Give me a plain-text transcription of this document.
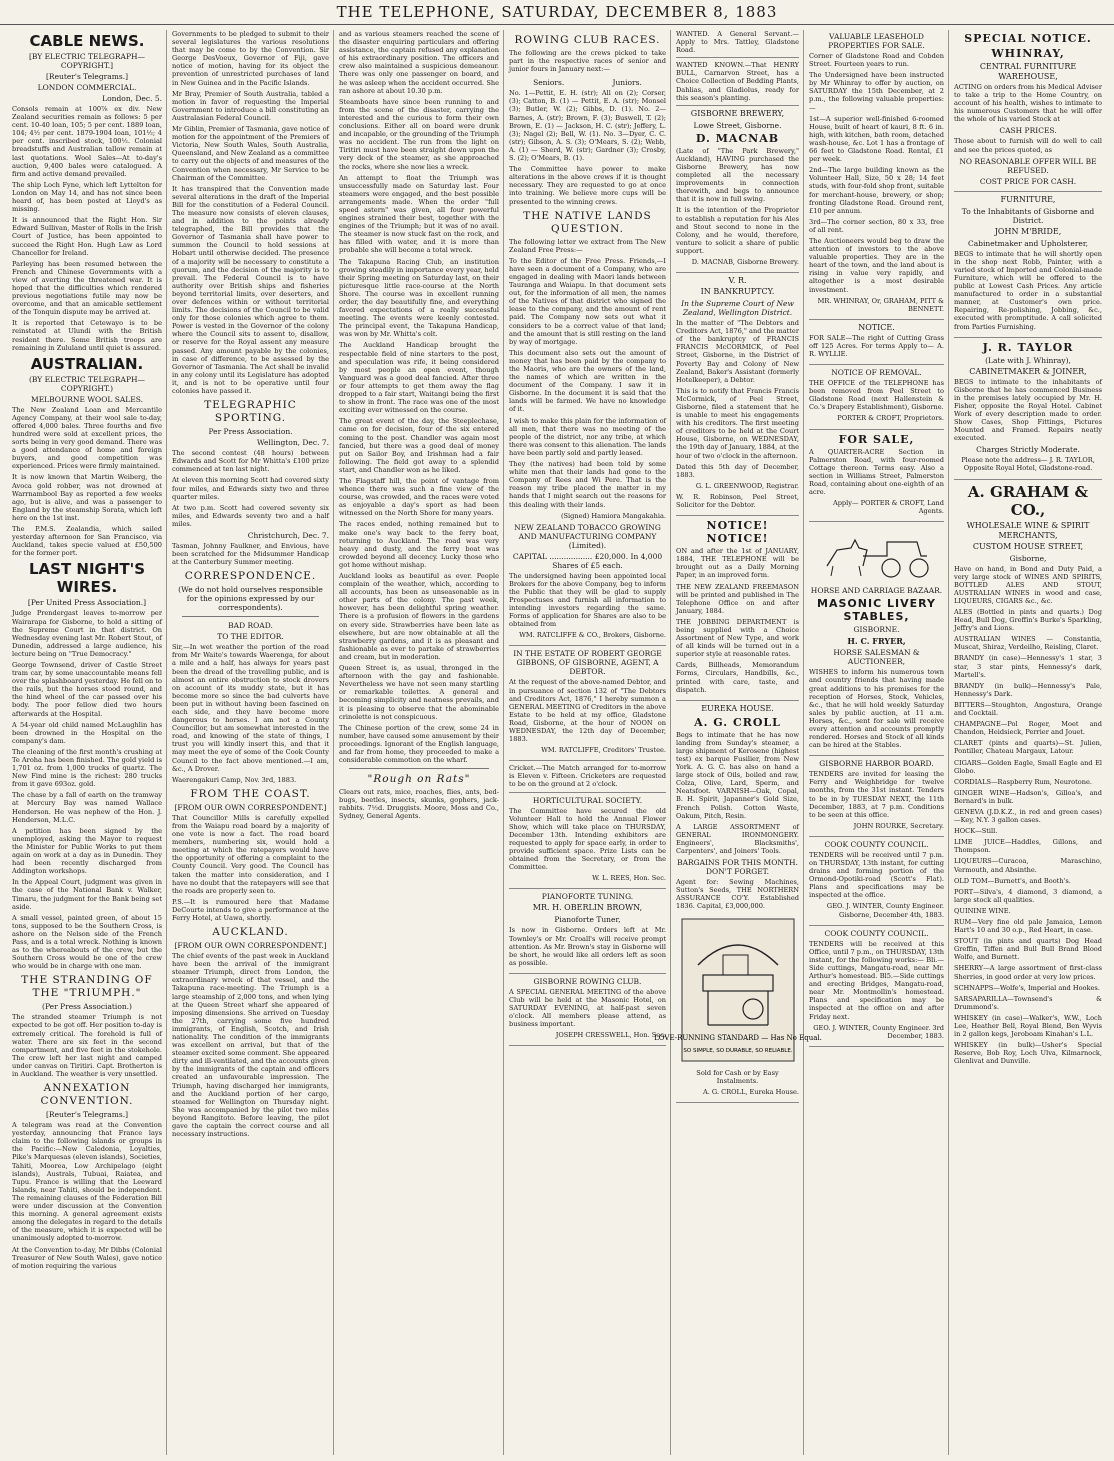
THE TELEPHONE, SATURDAY, DECEMBER 8, 1883
CABLE NEWS.
[BY ELECTRIC TELEGRAPH—COPYRIGHT.]
[Reuter's Telegrams.]
LONDON COMMERCIAL.
London, Dec. 5.

Consols remain at 100⅞ ex div. New Zealand securities remain as follows: 5 per cent. 10-40 loan, 105; 5 per cent. 1889 loan, 104; 4½ per cent. 1879-1904 loan, 101½; 4 per cent. inscribed stock, 100½. Colonial breadstuffs and Australian tallow remain at last quotations. Wool Sales—At to-day's auction, 9,400 bales were catalogued. A firm and active demand prevailed.

The ship Loch Fyne, which left Lyttelton for London on May 14, and has not since been heard of, has been posted at Lloyd's as missing.

It is announced that the Right Hon. Sir Edward Sullivan, Master of Rolls in the Irish Court of Justice, has been appointed to succeed the Right Hon. Hugh Law as Lord Chancellor for Ireland.

Parleying has been resumed between the French and Chinese Governments with a view of averting the threatened war. It is hoped that the difficulties which rendered previous negotiations futile may now be overcome, and that an amicable settlement of the Tonquin dispute may be arrived at.

It is reported that Cetewayo is to be reinstated at Ulundi with the British resident there. Some British troops are remaining in Zululand until quiet is assured.

AUSTRALIAN.
(BY ELECTRIC TELEGRAPH—COPYRIGHT.)
MELBOURNE WOOL SALES.

The New Zealand Loan and Mercantile Agency Company, at their wool sale to-day, offered 4,000 bales. Three fourths and five hundred were sold at excellent prices, the sorts being in very good demand. There was a good attendance of home and foreign buyers, and good competition was experienced. Prices were firmly maintained.

It is now known that Martin Weiberg, the Avoca gold robber, was not drowned at Warrnambool Bay as reported a few weeks ago, but is alive, and was a passenger to England by the steamship Sorata, which left here on the 1st inst.

The P.M.S. Zealandia, which sailed yesterday afternoon for San Francisco, via Auckland, takes specie valued at £50,500 for the former port.

LAST NIGHT'S WIRES.
[Per United Press Association.]

Judge Prendergast leaves to-morrow per Wairarapa for Gisborne, to hold a sitting of the Supreme Court in that district. On Wednesday evening last Mr. Robert Stout, of Dunedin, addressed a large audience, his lecture being on "True Democracy."

George Townsend, driver of Castle Street tram car, by some unaccountable means fell over the splashboard yesterday. He fell on to the rails, but the horses stood round, and the hind wheel of the car passed over his body. The poor fellow died two hours afterwards at the Hospital.

A 54-year old child named McLaughlin has been drowned in the Hospital on the company's dam.

The cleaning of the first month's crushing at Te Aroha has been finished. The gold yield is 1,701 oz. from 1,000 trucks of quartz. The New Find mine is the richest: 280 trucks from it gave 693oz. gold.

The chase by a fall of earth on the tramway at Mercury Bay was named Wallace Henderson. He was nephew of the Hon. J. Henderson, M.L.C.

A petition has been signed by the unemployed, asking the Mayor to request the Minister for Public Works to put them again on work at a day as in Dunedin. They had been recently discharged from Addington workshops.

In the Appeal Court, judgment was given in the case of the National Bank v. Walker, Timaru, the judgment for the Bank being set aside.

A small vessel, painted green, of about 15 tons, supposed to be the Southern Cross, is ashore on the Nelson side of the French Pass, and is a total wreck. Nothing is known as to the whereabouts of the crew, but the Southern Cross would be one of the crew who would be in charge with one man.

THE STRANDING OF THE "TRIUMPH."
(Per Press Association.)

The stranded steamer Triumph is not expected to be got off. Her position to-day is extremely critical. The forehold is full of water. There are six feet in the second compartment, and five feet in the stokehole. The crew left her last night and camped under canvas on Tiritiri. Capt. Brotherton is in Auckland. The weather is very unsettled.

ANNEXATION CONVENTION.
[Reuter's Telegrams.]

A telegram was read at the Convention yesterday, announcing that France lays claim to the following islands or groups in the Pacific:—New Caledonia, Loyalties, Pike's Marquesas (eleven islands), Societies, Tahiti, Moorea, Low Archipelago (eight islands), Australs, Tubuai, Raiatea, and Tupu. France is willing that the Leeward Islands, near Tahiti, should be independent. The remaining clauses of the Federation Bill were under discussion at the Convention this morning. A general agreement exists among the delegates in regard to the details of the measure, which it is expected will be unanimously adopted to-morrow.

At the Convention to-day, Mr Dibbs (Colonial Treasurer of New South Wales), gave notice of motion requiring the various

Governments to be pledged to submit to their several legislatures the various resolutions that may be come to by the Convention. Sir George DesVoeux, Governor of Fiji, gave notice of motion, having for its object the prevention of unrestricted purchases of land in New Guinea and in the Pacific Islands.

Mr Bray, Premier of South Australia, tabled a motion in favor of requesting the Imperial Government to introduce a bill constituting an Australasian Federal Council.

Mr Giblin, Premier of Tasmania, gave notice of motion for the appointment of the Premiers of Victoria, New South Wales, South Australia, Queensland, and New Zealand as a committee to carry out the objects of and measures of the Convention when necessary, Mr Service to be Chairman of the Committee.

It has transpired that the Convention made several alterations in the draft of the Imperial Bill for the constitution of a Federal Council. The measure now consists of eleven clauses, and in addition to the points already telegraphed, the Bill provides that the Governor of Tasmania shall have power to summon the Council to hold sessions at Hobart until otherwise decided. The presence of a majority will be necessary to constitute a quorum, and the decision of the majority is to prevail. The Federal Council is to have authority over British ships and fisheries beyond territorial limits, over deserters, and over defences within or without territorial limits. The decisions of the Council to be valid only for those colonies which agree to them. Power is vested in the Governor of the colony where the Council sits to assent to, disallow, or reserve for the Royal assent any measure passed. Any amount payable by the colonies, in case of difference, to be assessed by the Governor of Tasmania. The Act shall be invalid in any colony until its Legislature has adopted it, and is not to be operative until four colonies have passed it.

TELEGRAPHIC SPORTING.
Per Press Association.
Wellington, Dec. 7.

The second contest (48 hours) between Edwards and Scott for Mr Whitta's £100 prize commenced at ten last night.

At eleven this morning Scott had covered sixty four miles, and Edwards sixty two and three quarter miles.

At two p.m. Scott had covered seventy six miles, and Edwards seventy two and a half miles.

Christchurch, Dec. 7.

Tasman, Johnny Faulkner, and Envious, have been scratched for the Midsummer Handicap at the Canterbury Summer meeting.

CORRESPONDENCE.
(We do not hold ourselves responsible for the opinions expressed by our correspondents).
BAD ROAD.
TO THE EDITOR.

Sir,—In wet weather the portion of the road from Mr Waite's towards Waerenga, for about a mile and a half, has always for years past been the dread of the travelling public, and is almost an entire obstruction to stock drovers on account of its muddy state, but it has become more so since the bad culverts have been put in without having been fascined on each side, and they have become more dangerous to horses. I am not a County Councillor, but am somewhat interested in the road, and knowing of the state of things, I trust you will kindly insert this, and that it may meet the eye of some of the Cook County Council to the fact above mentioned.—I am, &c., A Drover.

Waerengakuri Camp, Nov. 3rd, 1883.

FROM THE COAST.
[FROM OUR OWN CORRESPONDENT.]

That Councillor Mills is carefully expelled from the Waiapu road board by a majority of one vote is now a fact. The road board members, numbering six, would hold a meeting at which the ratepayers would have the opportunity of offering a complaint to the County Council. Very good. The Council has taken the matter into consideration, and I have no doubt that the ratepayers will see that the roads are properly seen to.

P.S.—It is rumoured here that Madame DeCourte intends to give a performance at the Ferry Hotel, at Uawa, shortly.

AUCKLAND.
[FROM OUR OWN CORRESPONDENT.]

The chief events of the past week in Auckland have been the arrival of the immigrant steamer Triumph, direct from London, the extraordinary wreck of that vessel, and the Takapuna race-meeting. The Triumph is a large steamship of 2,000 tons, and when lying at the Queen Street wharf she appeared of imposing dimensions. She arrived on Tuesday the 27th, carrying some five hundred immigrants, of English, Scotch, and Irish nationality. The condition of the immigrants was excellent on arrival, but that of the steamer excited some comment. She appeared dirty and ill-ventilated, and the accounts given by the immigrants of the captain and officers created an unfavourable impression. The Triumph, having discharged her immigrants, and the Auckland portion of her cargo, steamed for Wellington on Thursday night. She was accompanied by the pilot two miles beyond Rangitoto. Before leaving, the pilot gave the captain the correct course and all necessary instructions.

and as various steamers reached the scene of the disaster enquiring particulars and offering assistance, the captain refused any explanation of his extraordinary position. The officers and crew also maintained a suspicious demeanour. There was only one passenger on board, and he was asleep when the accident occurred. She ran ashore at about 10.30 p.m.

Steamboats have since been running to and from the scene of the disaster, carrying the interested and the curious to form their own conclusions. Either all on board were drunk and incapable, or the grounding of the Triumph was no accident. The run from the light on Tiritiri must have been straight down upon the very deck of the steamer, as she approached the rocks, where she now lies a wreck.

An attempt to float the Triumph was unsuccessfully made on Saturday last. Four steamers were engaged, and the best possible arrangements made. When the order "full speed astern" was given, all four powerful engines strained their best, together with the engines of the Triumph; but it was of no avail. The steamer is now stuck fast on the rock, and has filled with water, and it is more than probable she will become a total wreck.

The Takapuna Racing Club, an institution growing steadily in importance every year, held their Spring meeting on Saturday last, on their picturesque little race-course at the North Shore. The course was in excellent running order, the day beautifully fine, and everything favored expectations of a really successful meeting. The events were keenly contested. The principal event, the Takapuna Handicap, was won by Mr. Whitta's colt.

The Auckland Handicap brought the respectable field of nine starters to the post, and speculation was rife, it being considered by most people an open event, though Vanguard was a good deal fancied. After three or four attempts to get them away the flag dropped to a fair start, Waitangi being the first to show in front. The race was one of the most exciting ever witnessed on the course.

The great event of the day, the Steeplechase, came on for decision, four of the six entered coming to the post. Chandler was again most fancied, but there was a good deal of money put on Sailor Boy, and Irishman had a fair following. The field got away to a splendid start, and Chandler won as he liked.

The Flagstaff hill, the point of vantage from whence there was such a fine view of the course, was crowded, and the races were voted as enjoyable a day's sport as had been witnessed on the North Shore for many years.

The races ended, nothing remained but to make one's way back to the ferry boat, returning to Auckland. The road was very heavy and dusty, and the ferry boat was crowded beyond all decency. Lucky those who got home without mishap.

Auckland looks as beautiful as ever. People complain of the weather, which, according to all accounts, has been as unseasonable as in other parts of the colony. The past week, however, has been delightful spring weather. There is a profusion of flowers in the gardens on every side. Strawberries have been late as elsewhere, but are now obtainable at all the strawberry gardens, and it is as pleasant and fashionable as ever to partake of strawberries and cream, but in moderation.

Queen Street is, as usual, thronged in the afternoon with the gay and fashionable. Nevertheless we have not seen many startling or remarkable toilettes. A general and becoming simplicity and neatness prevails, and it is pleasing to observe that the abominable crinolette is not conspicuous.

The Chinese portion of the crew, some 24 in number, have caused some amusement by their proceedings. Ignorant of the English language, and far from home, they proceeded to make a considerable commotion on the wharf.

"Rough on Rats"

Clears out rats, mice, roaches, flies, ants, bed-bugs, beetles, insects, skunks, gophers, jack-rabbits. 7½d. Druggists. Moore, Moss and Co., Sydney, General Agents.

ROWING CLUB RACES.

The following are the crews picked to take part in the respective races of senior and junior fours in January next:—

Seniors.	Juniors.

No. 1—Pettit, E. H. (str); All on (2); Corser, (3); Catton, B. (1) — Pettit, E. A. (str); Monsel (3); Butler, W. (2); Gibbs, D. (1). No. 2—Barnes, A. (str); Brown, F. (3); Buswell, T. (2); Brown, E. (1) — Jackson, H. C. (str); Jeffery, L. (3); Nagel (2); Bell, W. (1). No. 3—Dyer, C. C. (str); Gibson, A. S. (3); O'Mears, S. (2); Webb, A. (1) — Sherd, W. (str); Gardner (3); Crosby, S. (2); O'Mears, B. (1).

The Committee have power to make alterations in the above crews if it is thought necessary. They are requested to go at once into training. We believe more cups will be presented to the winning crews.

THE NATIVE LANDS QUESTION.

The following letter we extract from The New Zealand Free Press:—

To the Editor of the Free Press. Friends,—I have seen a document of a Company, who are engaged in dealing with Maori lands between Tauranga and Waiapu. In that document sets out, for the information of all men, the names of the Natives of that district who signed the lease to the company, and the amount of rent paid. The Company now sets out what it considers to be a correct value of that land; and the amount that is still resting on the land by way of mortgage.

This document also sets out the amount of money that has been paid by the company to the Maoris, who are the owners of the land, the names of which are written in the document of the Company. I saw it in Gisborne. In the document it is said that the lands will be farmed. We have no knowledge of it.

I wish to make this plain for the information of all men, that there was no meeting of the people of the district, nor any tribe, at which there was consent to this alienation. The lands have been partly sold and partly leased.

They (the natives) had been told by some white men that their lands had gone to the Company of Rees and Wi Pere. That is the reason my tribe placed the matter in my hands that I might search out the reasons for this dealing with their lands.

(Signed) Hamiora Mangakahia.

NEW ZEALAND TOBACCO GROWING AND MANUFACTURING COMPANY (Limited).
CAPITAL .................. £20,000. In 4,000 Shares of £5 each.

The undersigned having been appointed local Brokers for the above Company, beg to inform the Public that they will be glad to supply Prospectuses and furnish all information to intending investors regarding the same. Forms of application for Shares are also to be obtained from

WM. RATCLIFFE & CO., Brokers, Gisborne.

IN THE ESTATE OF ROBERT GEORGE GIBBONS, OF GISBORNE, AGENT, A DEBTOR.

At the request of the above-named Debtor, and in pursuance of section 132 of "The Debtors and Creditors Act, 1876," I hereby summon a GENERAL MEETING of Creditors in the above Estate to be held at my office, Gladstone Road, Gisborne, at the hour of NOON on WEDNESDAY, the 12th day of December, 1883.

WM. RATCLIFFE, Creditors' Trustee.

Cricket.—The Match arranged for to-morrow is Eleven v. Fifteen. Cricketers are requested to be on the ground at 2 o'clock.

HORTICULTURAL SOCIETY.

The Committee have secured the old Volunteer Hall to hold the Annual Flower Show, which will take place on THURSDAY, December 13th. Intending exhibitors are requested to apply for space early, in order to provide sufficient space. Prize Lists can be obtained from the Secretary, or from the Committee.

W. L. REES, Hon. Sec.

PIANOFORTE TUNING.
MR. H. OBERLIN BROWN,
Pianoforte Tuner,

Is now in Gisborne. Orders left at Mr. Townley's or Mr. Croall's will receive prompt attention. As Mr. Brown's stay in Gisborne will be short, he would like all orders left as soon as possible.

GISBORNE ROWING CLUB.

A SPECIAL GENERAL MEETING of the above Club will be held at the Masonic Hotel, on SATURDAY EVENING, at half-past seven o'clock. All members please attend, as business important.

JOSEPH CRESSWELL, Hon. Sec.

WANTED. A General Servant.—Apply to Mrs. Tattley, Gladstone Road.

WANTED KNOWN.—That HENRY BULL, Carnarvon Street, has a Choice Collection of Bedding Plants, Dahlias, and Gladiolus, ready for this season's planting.

GISBORNE BREWERY,
Lowe Street, Gisborne.
D. MACNAB

(Late of "The Park Brewery," Auckland), HAVING purchased the Gisborne Brewery, has now completed all the necessary improvements in connection therewith, and begs to announce that it is now in full swing.

It is the intention of the Proprietor to establish a reputation for his Ales and Stout second to none in the Colony, and he would, therefore, venture to solicit a share of public support.

D. MACNAB, Gisborne Brewery.

V. R.
IN BANKRUPTCY.
In the Supreme Court of New Zealand, Wellington District.

In the matter of "The Debtors and Creditors Act, 1876," and the matter of the bankruptcy of FRANCIS FRANCIS McCORMICK, of Peel Street, Gisborne, in the District of Poverty Bay and Colony of New Zealand, Baker's Assistant (formerly Hotelkeeper), a Debtor.

This is to notify that Francis Francis McCormick, of Peel Street, Gisborne, filed a statement that he is unable to meet his engagements with his creditors. The first meeting of creditors to be held at the Court House, Gisborne, on WEDNESDAY, the 19th day of January, 1884, at the hour of two o'clock in the afternoon.

Dated this 5th day of December, 1883.

G. L. GREENWOOD, Registrar.

W. R. Robinson, Peel Street, Solicitor for the Debtor.

NOTICE! NOTICE!

ON and after the 1st of JANUARY, 1884, THE TELEPHONE will be brought out as a Daily Morning Paper, in an improved form.

THE NEW ZEALAND FREEMASON will be printed and published in The Telephone Office on and after January, 1884.

THE JOBBING DEPARTMENT is being supplied with a Choice Assortment of New Type, and work of all kinds will be turned out in a superior style at reasonable rates.

Cards, Billheads, Memorandum Forms, Circulars, Handbills, &c., printed with care, taste, and dispatch.

EUREKA HOUSE.
A. G. CROLL

Begs to intimate that he has now landing from Sunday's steamer, a large shipment of Kerosene (highest test) ex barque Fusilier, from New York. A. G. C. has also on hand a large stock of Oils, boiled and raw, Colza, Olive, Lard, Sperm, and Neatsfoot. VARNISH—Oak, Copal, B. H. Spirit, Japanner's Gold Size, French Polish. Cotton Waste, Oakum, Pitch, Resin.

A LARGE ASSORTMENT of GENERAL IRONMONGERY. Engineers', Blacksmiths', Carpenters', and Joiners' Tools.

BARGAINS FOR THIS MONTH. DON'T FORGET.

Agent for: Sewing Machines, Sutton's Seeds, THE NORTHERN ASSURANCE CO'Y. Established 1836. Capital, £3,000,000.

LOVE-RUNNING STANDARD — Has No Equal.
SO SIMPLE, SO DURABLE, SO RELIABLE.

Sold for Cash or by Easy Instalments.

A. G. CROLL, Eureka House.

VALUABLE LEASEHOLD PROPERTIES FOR SALE.

Corner of Gladstone Road and Cobden Street. Fourteen years to run.

The Undersigned have been instructed by Mr Whinray to offer by auction, on SATURDAY the 15th December, at 2 p.m., the following valuable properties:—

1st—A superior well-finished 6-roomed House, built of heart of kauri, 8 ft. 6 in. high, with kitchen, bath room, detached wash-house, &c. Lot 1 has a frontage of 66 feet to Gladstone Road. Rental, £1 per week.

2nd—The large building known as the Volunteer Hall, Size, 50 x 28; 14 feet studs, with four-fold shop front, suitable for merchant-house, brewery, or shop; fronting Gladstone Road. Ground rent, £10 per annum.

3rd—The corner section, 80 x 33, free of all rent.

The Auctioneers would beg to draw the attention of investors to the above valuable properties. They are in the heart of the town, and the land about is rising in value very rapidly, and altogether is a most desirable investment.

MR. WHINRAY, Or, GRAHAM, PITT & BENNETT.

NOTICE.

FOR SALE—The right of Cutting Grass off 125 Acres. For terms Apply to— A. R. WYLLIE.

NOTICE OF REMOVAL.

THE OFFICE of the TELEPHONE has been removed from Peel Street to Gladstone Road (next Hallenstein & Co.'s Drapery Establishment), Gisborne.

PORTER & CROFT, Proprietors.

FOR SALE,

A QUARTER-ACRE Section in Palmerston Road, with four-roomed Cottage thereon. Terms easy. Also a section in Williams Street, Palmerston Road, containing about one-eighth of an acre.

Apply— PORTER & CROFT, Land Agents.

HORSE AND CARRIAGE BAZAAR.
MASONIC LIVERY STABLES,
GISBORNE.
H. C. FRYER,
HORSE SALESMAN & AUCTIONEER,

WISHES to inform his numerous town and country friends that having made great additions to his premises for the reception of Horses, Stock, Vehicles, &c., that he will hold weekly Saturday sales by public auction, at 11 a.m. Horses, &c., sent for sale will receive every attention and accounts promptly rendered. Horses and Stock of all kinds can be hired at the Stables.

GISBORNE HARBOR BOARD.

TENDERS are invited for leasing the Ferry and Weighbridge for twelve months, from the 31st instant. Tenders to be in by TUESDAY NEXT, the 11th December, 1883, at 7 p.m. Conditions to be seen at this office.

JOHN ROURKE, Secretary.

COOK COUNTY COUNCIL.

TENDERS will be received until 7 p.m. on THURSDAY, 13th instant, for cutting drains and forming portion of the Ormond-Opotiki-road (Scott's Flat). Plans and specifications may be inspected at the office.

GEO. J. WINTER, County Engineer. Gisborne, December 4th, 1883.

COOK COUNTY COUNCIL.

TENDERS will be received at this Office, until 7 p.m., on THURSDAY, 13th instant, for the following works:— Bli.—Side cuttings, Mangatu-road, near Mr. Arthur's homestead. Bl5.—Side cuttings and erecting Bridges, Mangatu-road, near Mr. Montmollin's homestead. Plans and specification may be inspected at the office on and after Friday next.

GEO. J. WINTER, County Engineer. 3rd December, 1883.

SPECIAL NOTICE.
WHINRAY,
CENTRAL FURNITURE WAREHOUSE,

ACTING on orders from his Medical Adviser to take a trip to the Home Country, on account of his health, wishes to intimate to his numerous Customers that he will offer the whole of his varied Stock at

CASH PRICES.

Those about to furnish will do well to call and see the prices quoted, as

NO REASONABLE OFFER WILL BE REFUSED.
COST PRICE FOR CASH.
FURNITURE,
To the Inhabitants of Gisborne and District.
JOHN M'BRIDE,
Cabinetmaker and Upholsterer,

BEGS to intimate that he will shortly open in the shop next Robb, Painter, with a varied stock of Imported and Colonial-made Furniture, which will be offered to the public at Lowest Cash Prices. Any article manufactured to order in a substantial manner, at Customer's own price. Repairing, Re-polishing, Jobbing, &c., executed with promptitude. A call solicited from Parties Furnishing.

J. R. TAYLOR
(Late with J. Whinray),
CABINETMAKER & JOINER,

BEGS to intimate to the inhabitants of Gisborne that he has commenced Business in the premises lately occupied by Mr. H. Fisher, opposite the Royal Hotel. Cabinet Work of every description made to order. Show Cases, Shop Fittings, Pictures Mounted and Framed. Repairs neatly executed.

Charges Strictly Moderate.

Please note the address— J. R. TAYLOR, Opposite Royal Hotel, Gladstone-road.

A. GRAHAM & CO.,
WHOLESALE WINE & SPIRIT MERCHANTS,
CUSTOM HOUSE STREET,
Gisborne,

Have on hand, in Bond and Duty Paid, a very large stock of WINES AND SPIRITS, BOTTLED ALES AND STOUT, AUSTRALIAN WINES in wood and case, LIQUEURS, CIGARS &c., &c.

ALES (Bottled in pints and quarts.) Dog Head, Bull Dog, Greffin's Burke's Sparkling, Jeffry's and Lions.

AUSTRALIAN WINES — Constantia, Muscat, Shiraz, Verdeilho, Reisling, Claret.

BRANDY (in case)—Hennessy's 1 star, 3 star, 3 star pints, Hennessy's dark, Martell's.

BRANDY (in bulk)—Hennessy's Pale, Hennessy's Dark.

BITTERS—Stoughton, Angostura, Orange and Cocktail.

CHAMPAGNE—Pol Roger, Moet and Chandon, Heidsieck, Perrier and Jouet.

CLARET (pints and quarts)—St. Julien, Pontiller, Chateau Margaux, Latour.

CIGARS—Golden Eagle, Small Eagle and El Globo.

CORDIALS—Raspberry Rum, Neurotone.

GINGER WINE—Hadson's, Gilloa's, and Bernard's in bulk.

GENEVA (J.D.K.Z., in red and green cases)—Key, N.Y. 3 gallon cases.

HOCK—Still.

LIME JUICE—Haddles, Gillons, and Thompson.

LIQUEURS—Curacoa, Maraschino, Vermouth, and Absinthe.

OLD TOM—Burnett's, and Booth's.

PORT—Silva's, 4 diamond, 3 diamond, a large stock all qualities.

QUININE WINE.

RUM—Very fine old pale Jamaica, Lemon Hart's 10 and 30 o.p., Red Heart, in case.

STOUT (in pints and quarts) Dog Head Greffin, Tiffen and Bull Bull Brand Blood Wolfe, and Burnett.

SHERRY—A large assortment of first-class Sherries, in good order at very low prices.

SCHNAPPS—Wolfe's, Imperial and Hookes.

SARSAPARILLA—Townsend's & Drummond's.

WHISKEY (in case)—Walker's, W.W., Loch Lee, Heather Bell, Royal Blend, Ben Wyvis in 2 gallon kegs, Jeroboam Kinahan's L.L.

WHISKEY (in bulk)—Usher's Special Reserve, Bob Roy, Loch Ulva, Kilmarnock, Glenlivat and Dunville.
